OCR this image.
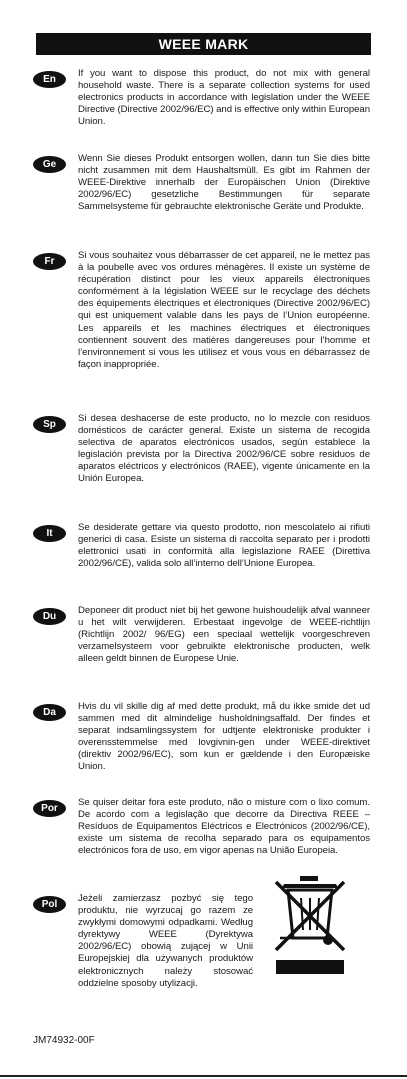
WEEE MARK
En

If you want to dispose this product, do not mix with general household waste. There is a separate collection systems for used electronics products in accordance with legislation under the WEEE Directive (Directive 2002/96/EC) and is effective only within European Union.

Ge

Wenn Sie dieses Produkt entsorgen wollen, dann tun Sie dies bitte nicht zusammen mit dem Haushaltsmüll. Es gibt im Rahmen der WEEE-Direktive innerhalb der Europäischen Union (Direktive 2002/96/EC) gesetzliche Bestimmungen für separate Sammelsysteme für gebrauchte elektronische Geräte und Produkte.

Fr

Si vous souhaitez vous débarrasser de cet appareil, ne le mettez pas à la poubelle avec vos ordures ménagères. Il existe un système de récupération distinct pour les vieux appareils électroniques conformément à la législation WEEE sur le recyclage des déchets des équipements électriques et électroniques (Directive 2002/96/EC) qui est uniquement valable dans les pays de l’Union européenne. Les appareils et les machines électriques et électroniques contiennent souvent des matières dangereuses pour l’homme et l’environnement si vous les utilisez et vous vous en débarrassez de façon inappropriée.

Sp

Si desea deshacerse de este producto, no lo mezcle con residuos domésticos de carácter general. Existe un sistema de recogida selectiva de aparatos electrónicos usados, según establece la legislación prevista por la Directiva 2002/96/CE sobre residuos de aparatos eléctricos y electrónicos (RAEE), vigente únicamente en la Unión Europea.

It

Se desiderate gettare via questo prodotto, non mescolatelo ai rifiuti generici di casa. Esiste un sistema di raccolta separato per i prodotti elettronici usati in conformità alla legislazione RAEE (Direttiva 2002/96/CE), valida solo all’interno dell’Unione Europea.

Du

Deponeer dit product niet bij het gewone huishoudelijk afval wanneer u het wilt verwijderen. Erbestaat ingevolge de WEEE-richtlijn (Richtlijn 2002/ 96/EG) een speciaal wettelijk voorgeschreven verzamelsysteem voor gebruikte elektronische producten, welk alleen geldt binnen de Europese Unie.

Da

Hvis du vil skille dig af med dette produkt, må du ikke smide det ud sammen med dit almindelige husholdningsaffald. Der findes et separat indsamlingssystem for udtjente elektroniske produkter i overensstemmelse med lovgivnin-gen under WEEE-direktivet (direktiv 2002/96/EC), som kun er gældende i den Europæiske Union.

Por

Se quiser deitar fora este produto, não o misture com o lixo comum. De acordo com a legislação que decorre da Directiva REEE – Resíduos de Equipamentos Eléctricos e Electrónicos (2002/96/CE), existe um sistema de recolha separado para os equipamentos electrónicos fora de uso, em vigor apenas na União Europeia.

Pol

Jeżeli zamierzasz pozbyć się tego produktu, nie wyrzucaj go razem ze zwykłymi domowymi odpadkami. Według dyrektywy WEEE (Dyrektywa 2002/96/EC) obowią zującej w Unii Europejskiej dla używanych produktów elektronicznych należy stosować oddzielne sposoby utylizacji.

JM74932-00F
